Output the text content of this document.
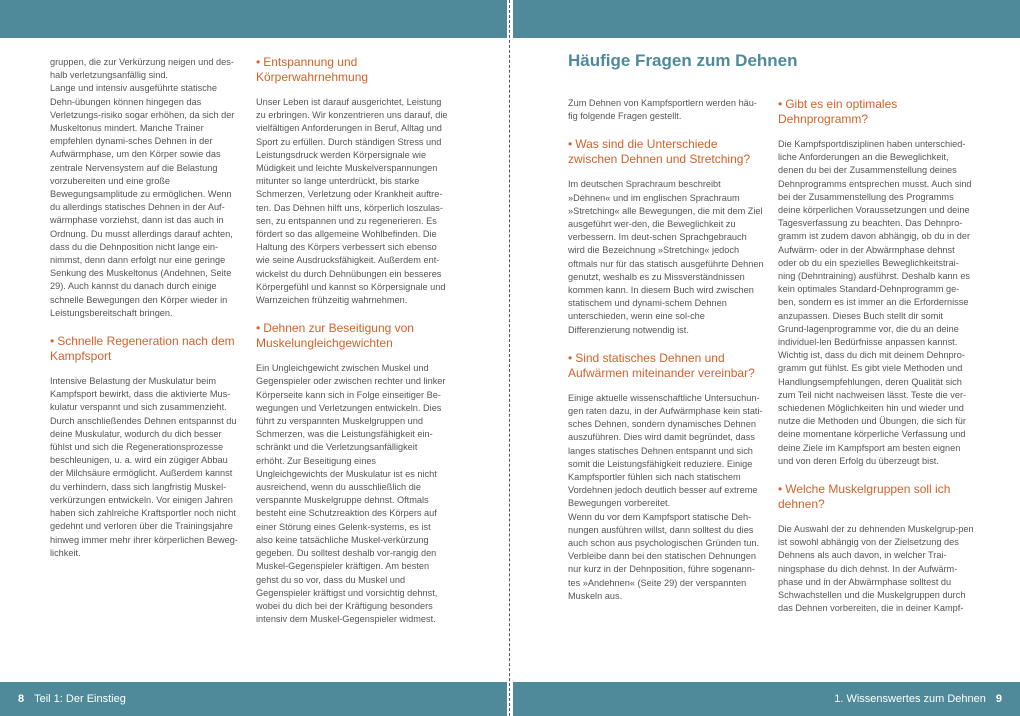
gruppen, die zur Verkürzung neigen und des-halb verletzungsanfällig sind.

Lange und intensiv ausgeführte statische Dehn-übungen können hingegen das Verletzungs-risiko sogar erhöhen, da sich der Muskeltonus mindert. Manche Trainer empfehlen dynami-sches Dehnen in der Aufwärmphase, um den Körper sowie das zentrale Nervensystem auf die Belastung vorzubereiten und eine große Bewegungsamplitude zu ermöglichen. Wenn du allerdings statisches Dehnen in der Auf-wärmphase vorziehst, dann ist das auch in Ordnung. Du musst allerdings darauf achten, dass du die Dehnposition nicht lange ein-nimmst, denn dann erfolgt nur eine geringe Senkung des Muskeltonus (Andehnen, Seite 29). Auch kannst du danach durch einige schnelle Bewegungen den Körper wieder in Leistungsbereitschaft bringen.

• Schnelle Regeneration nach dem Kampfsport

Intensive Belastung der Muskulatur beim Kampfsport bewirkt, dass die aktivierte Mus-kulatur verspannt und sich zusammenzieht. Durch anschließendes Dehnen entspannst du deine Muskulatur, wodurch du dich besser fühlst und sich die Regenerationsprozesse beschleunigen, u. a. wird ein zügiger Abbau der Milchsäure ermöglicht. Außerdem kannst du verhindern, dass sich langfristig Muskel-verkürzungen entwickeln. Vor einigen Jahren haben sich zahlreiche Kraftsportler noch nicht gedehnt und verloren über die Trainingsjahre hinweg immer mehr ihrer körperlichen Beweg-lichkeit.

• Entspannung und Körperwahrnehmung

Unser Leben ist darauf ausgerichtet, Leistung zu erbringen. Wir konzentrieren uns darauf, die vielfältigen Anforderungen in Beruf, Alltag und Sport zu erfüllen. Durch ständigen Stress und Leistungsdruck werden Körpersignale wie Müdigkeit und leichte Muskelverspannungen mitunter so lange unterdrückt, bis starke Schmerzen, Verletzung oder Krankheit auftre-ten. Das Dehnen hilft uns, körperlich loszulas-sen, zu entspannen und zu regenerieren. Es fördert so das allgemeine Wohlbefinden. Die Haltung des Körpers verbessert sich ebenso wie seine Ausdrucksfähigkeit. Außerdem ent-wickelst du durch Dehnübungen ein besseres Körpergefühl und kannst so Körpersignale und Warnzeichen frühzeitig wahrnehmen.

• Dehnen zur Beseitigung von Muskelungleichgewichten

Ein Ungleichgewicht zwischen Muskel und Gegenspieler oder zwischen rechter und linker Körperseite kann sich in Folge einseitiger Be-wegungen und Verletzungen entwickeln. Dies führt zu verspannten Muskelgruppen und Schmerzen, was die Leistungsfähigkeit ein-schränkt und die Verletzungsanfälligkeit erhöht. Zur Beseitigung eines Ungleichgewichts der Muskulatur ist es nicht ausreichend, wenn du ausschließlich die verspannte Muskelgruppe dehnst. Oftmals besteht eine Schutzreaktion des Körpers auf einer Störung eines Gelenk-systems, es ist also keine tatsächliche Muskel-verkürzung gegeben. Du solltest deshalb vor-rangig den Muskel-Gegenspieler kräftigen. Am besten gehst du so vor, dass du Muskel und Gegenspieler kräftigst und vorsichtig dehnst, wobei du dich bei der Kräftigung besonders intensiv dem Muskel-Gegenspieler widmest.

Häufige Fragen zum Dehnen

Zum Dehnen von Kampfsportlern werden häu-fig folgende Fragen gestellt.

• Was sind die Unterschiede zwischen Dehnen und Stretching?

Im deutschen Sprachraum beschreibt »Dehnen« und im englischen Sprachraum »Stretching« alle Bewegungen, die mit dem Ziel ausgeführt wer-den, die Beweglichkeit zu verbessern. Im deut-schen Sprachgebrauch wird die Bezeichnung »Stretching« jedoch oftmals nur für das statisch ausgeführte Dehnen genutzt, weshalb es zu Missverständnissen kommen kann. In diesem Buch wird zwischen statischem und dynami-schem Dehnen unterschieden, wenn eine sol-che Differenzierung notwendig ist.

• Sind statisches Dehnen und Aufwärmen miteinander vereinbar?

Einige aktuelle wissenschaftliche Untersuchun-gen raten dazu, in der Aufwärmphase kein stati-sches Dehnen, sondern dynamisches Dehnen auszuführen. Dies wird damit begründet, dass langes statisches Dehnen entspannt und sich somit die Leistungsfähigkeit reduziere. Einige Kampfsportler fühlen sich nach statischem Vordehnen jedoch deutlich besser auf extreme Bewegungen vorbereitet.

Wenn du vor dem Kampfsport statische Deh-nungen ausführen willst, dann solltest du dies auch schon aus psychologischen Gründen tun. Verbleibe dann bei den statischen Dehnungen nur kurz in der Dehnposition, führe sogenann-tes »Andehnen« (Seite 29) der verspannten Muskeln aus.

• Gibt es ein optimales Dehnprogramm?

Die Kampfsportdisziplinen haben unterschied-liche Anforderungen an die Beweglichkeit, denen du bei der Zusammenstellung deines Dehnprogramms entsprechen musst. Auch sind bei der Zusammenstellung des Programms deine körperlichen Voraussetzungen und deine Tagesverfassung zu beachten. Das Dehnpro-gramm ist zudem davon abhängig, ob du in der Aufwärm- oder in der Abwärmphase dehnst oder ob du ein spezielles Beweglichkeitstrai-ning (Dehntraining) ausführst. Deshalb kann es kein optimales Standard-Dehnprogramm ge-ben, sondern es ist immer an die Erfordernisse anzupassen. Dieses Buch stellt dir somit Grund-lagenprogramme vor, die du an deine individuel-len Bedürfnisse anpassen kannst.

Wichtig ist, dass du dich mit deinem Dehnpro-gramm gut fühlst. Es gibt viele Methoden und Handlungsempfehlungen, deren Qualität sich zum Teil nicht nachweisen lässt. Teste die ver-schiedenen Möglichkeiten hin und wieder und nutze die Methoden und Übungen, die sich für deine momentane körperliche Verfassung und deine Ziele im Kampfsport am besten eignen und von deren Erfolg du überzeugt bist.

• Welche Muskelgruppen soll ich dehnen?

Die Auswahl der zu dehnenden Muskelgrup-pen ist sowohl abhängig von der Zielsetzung des Dehnens als auch davon, in welcher Trai-ningsphase du dich dehnst. In der Aufwärm-phase und in der Abwärmphase solltest du Schwachstellen und die Muskelgruppen durch das Dehnen vorbereiten, die in deiner Kampf-

8 Teil 1: Der Einstieg	1. Wissenswertes zum Dehnen 9
